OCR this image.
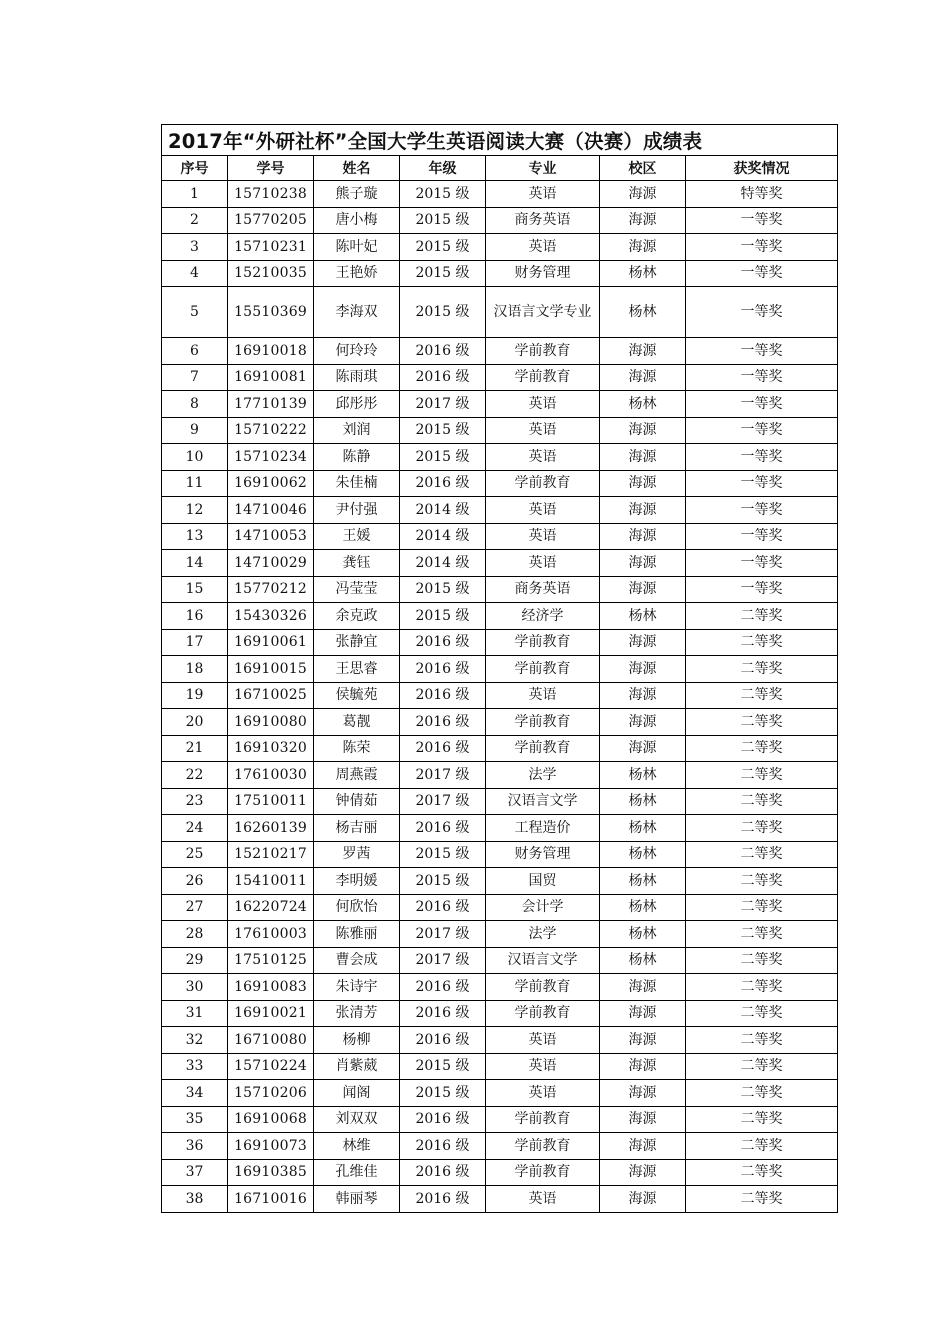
2017年“外研社杯”全国大学生英语阅读大赛（决赛）成绩表						
序号	学号	姓名	年级	专业	校区	获奖情况
1	15710238	熊子璇	2015 级	英语	海源	特等奖
2	15770205	唐小梅	2015 级	商务英语	海源	一等奖
3	15710231	陈叶妃	2015 级	英语	海源	一等奖
4	15210035	王艳娇	2015 级	财务管理	杨林	一等奖
5	15510369	李海双	2015 级	汉语言文学专业	杨林	一等奖
6	16910018	何玲玲	2016 级	学前教育	海源	一等奖
7	16910081	陈雨琪	2016 级	学前教育	海源	一等奖
8	17710139	邱彤彤	2017 级	英语	杨林	一等奖
9	15710222	刘润	2015 级	英语	海源	一等奖
10	15710234	陈静	2015 级	英语	海源	一等奖
11	16910062	朱佳楠	2016 级	学前教育	海源	一等奖
12	14710046	尹付强	2014 级	英语	海源	一等奖
13	14710053	王媛	2014 级	英语	海源	一等奖
14	14710029	龚钰	2014 级	英语	海源	一等奖
15	15770212	冯莹莹	2015 级	商务英语	海源	一等奖
16	15430326	余克政	2015 级	经济学	杨林	二等奖
17	16910061	张静宜	2016 级	学前教育	海源	二等奖
18	16910015	王思睿	2016 级	学前教育	海源	二等奖
19	16710025	侯毓苑	2016 级	英语	海源	二等奖
20	16910080	葛靓	2016 级	学前教育	海源	二等奖
21	16910320	陈荣	2016 级	学前教育	海源	二等奖
22	17610030	周燕霞	2017 级	法学	杨林	二等奖
23	17510011	钟倩茹	2017 级	汉语言文学	杨林	二等奖
24	16260139	杨吉丽	2016 级	工程造价	杨林	二等奖
25	15210217	罗茜	2015 级	财务管理	杨林	二等奖
26	15410011	李明媛	2015 级	国贸	杨林	二等奖
27	16220724	何欣怡	2016 级	会计学	杨林	二等奖
28	17610003	陈雅丽	2017 级	法学	杨林	二等奖
29	17510125	曹会成	2017 级	汉语言文学	杨林	二等奖
30	16910083	朱诗宇	2016 级	学前教育	海源	二等奖
31	16910021	张清芳	2016 级	学前教育	海源	二等奖
32	16710080	杨柳	2016 级	英语	海源	二等奖
33	15710224	肖紫葳	2015 级	英语	海源	二等奖
34	15710206	闻阁	2015 级	英语	海源	二等奖
35	16910068	刘双双	2016 级	学前教育	海源	二等奖
36	16910073	林维	2016 级	学前教育	海源	二等奖
37	16910385	孔维佳	2016 级	学前教育	海源	二等奖
38	16710016	韩丽琴	2016 级	英语	海源	二等奖
